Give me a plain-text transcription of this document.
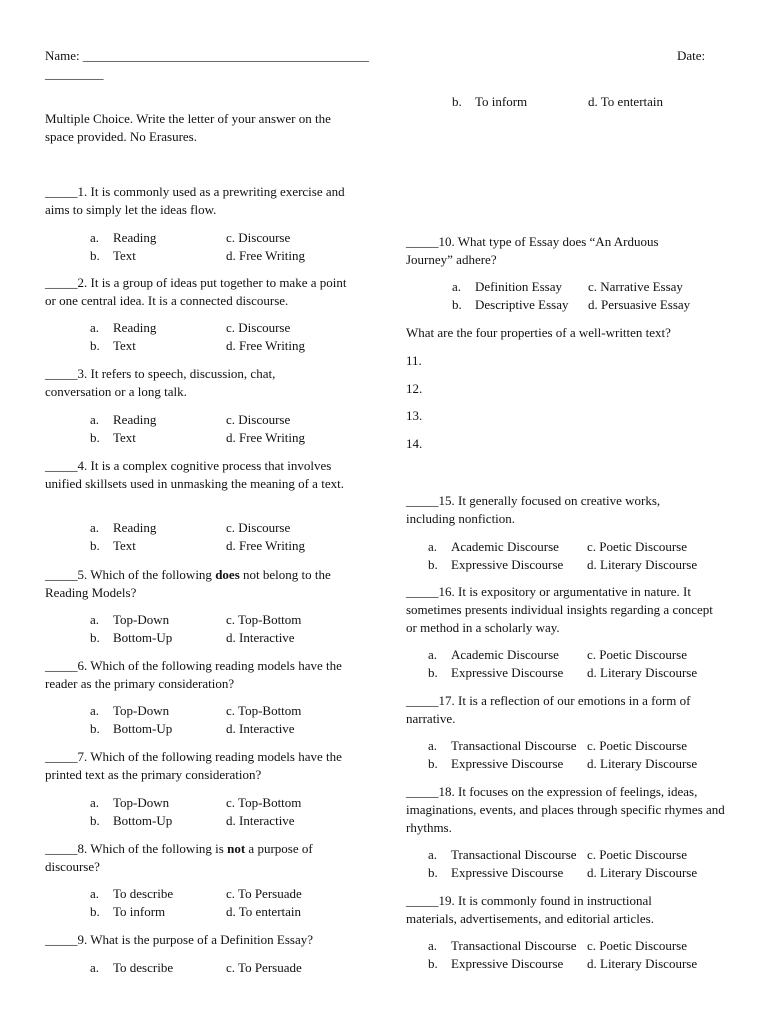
Name: ____________________________________________	Date:
_________
Multiple Choice. Write the letter of your answer on the space provided. No Erasures.
_____1. It is commonly used as a prewriting exercise and aims to simply let the ideas flow.
a. Reading	c. Discourse
b. Text	d. Free Writing
_____2. It is a group of ideas put together to make a point or one central idea. It is a connected discourse.
a. Reading	c. Discourse
b. Text	d. Free Writing
_____3. It refers to speech, discussion, chat, conversation or a long talk.
a. Reading	c. Discourse
b. Text	d. Free Writing
_____4. It is a complex cognitive process that involves unified skillsets used in unmasking the meaning of a text.
a. Reading	c. Discourse
b. Text	d. Free Writing
_____5. Which of the following does not belong to the Reading Models?
a. Top-Down	c. Top-Bottom
b. Bottom-Up	d. Interactive
_____6. Which of the following reading models have the reader as the primary consideration?
a. Top-Down	c. Top-Bottom
b. Bottom-Up	d. Interactive
_____7. Which of the following reading models have the printed text as the primary consideration?
a. Top-Down	c. Top-Bottom
b. Bottom-Up	d. Interactive
_____8. Which of the following is not a purpose of discourse?
a. To describe	c. To Persuade
b. To inform	d. To entertain
_____9. What is the purpose of a Definition Essay?
a. To describe	c. To Persuade
b. To inform	d. To entertain
_____10. What type of Essay does “An Arduous Journey” adhere?
a. Definition Essay c. Narrative Essay
b. Descriptive Essay d. Persuasive Essay
What are the four properties of a well-written text?
11.
12.
13.
14.
_____15. It generally focused on creative works, including nonfiction.
a. Academic Discourse c. Poetic Discourse
b. Expressive Discourse d. Literary Discourse
_____16. It is expository or argumentative in nature. It sometimes presents individual insights regarding a concept or method in a scholarly way.
a. Academic Discourse c. Poetic Discourse
b. Expressive Discourse d. Literary Discourse
_____17. It is a reflection of our emotions in a form of narrative.
a. Transactional Discourse c. Poetic Discourse
b. Expressive Discourse d. Literary Discourse
_____18. It focuses on the expression of feelings, ideas, imaginations, events, and places through specific rhymes and rhythms.
a. Transactional Discourse c. Poetic Discourse
b. Expressive Discourse d. Literary Discourse
_____19. It is commonly found in instructional materials, advertisements, and editorial articles.
a. Transactional Discourse c. Poetic Discourse
b. Expressive Discourse d. Literary Discourse
